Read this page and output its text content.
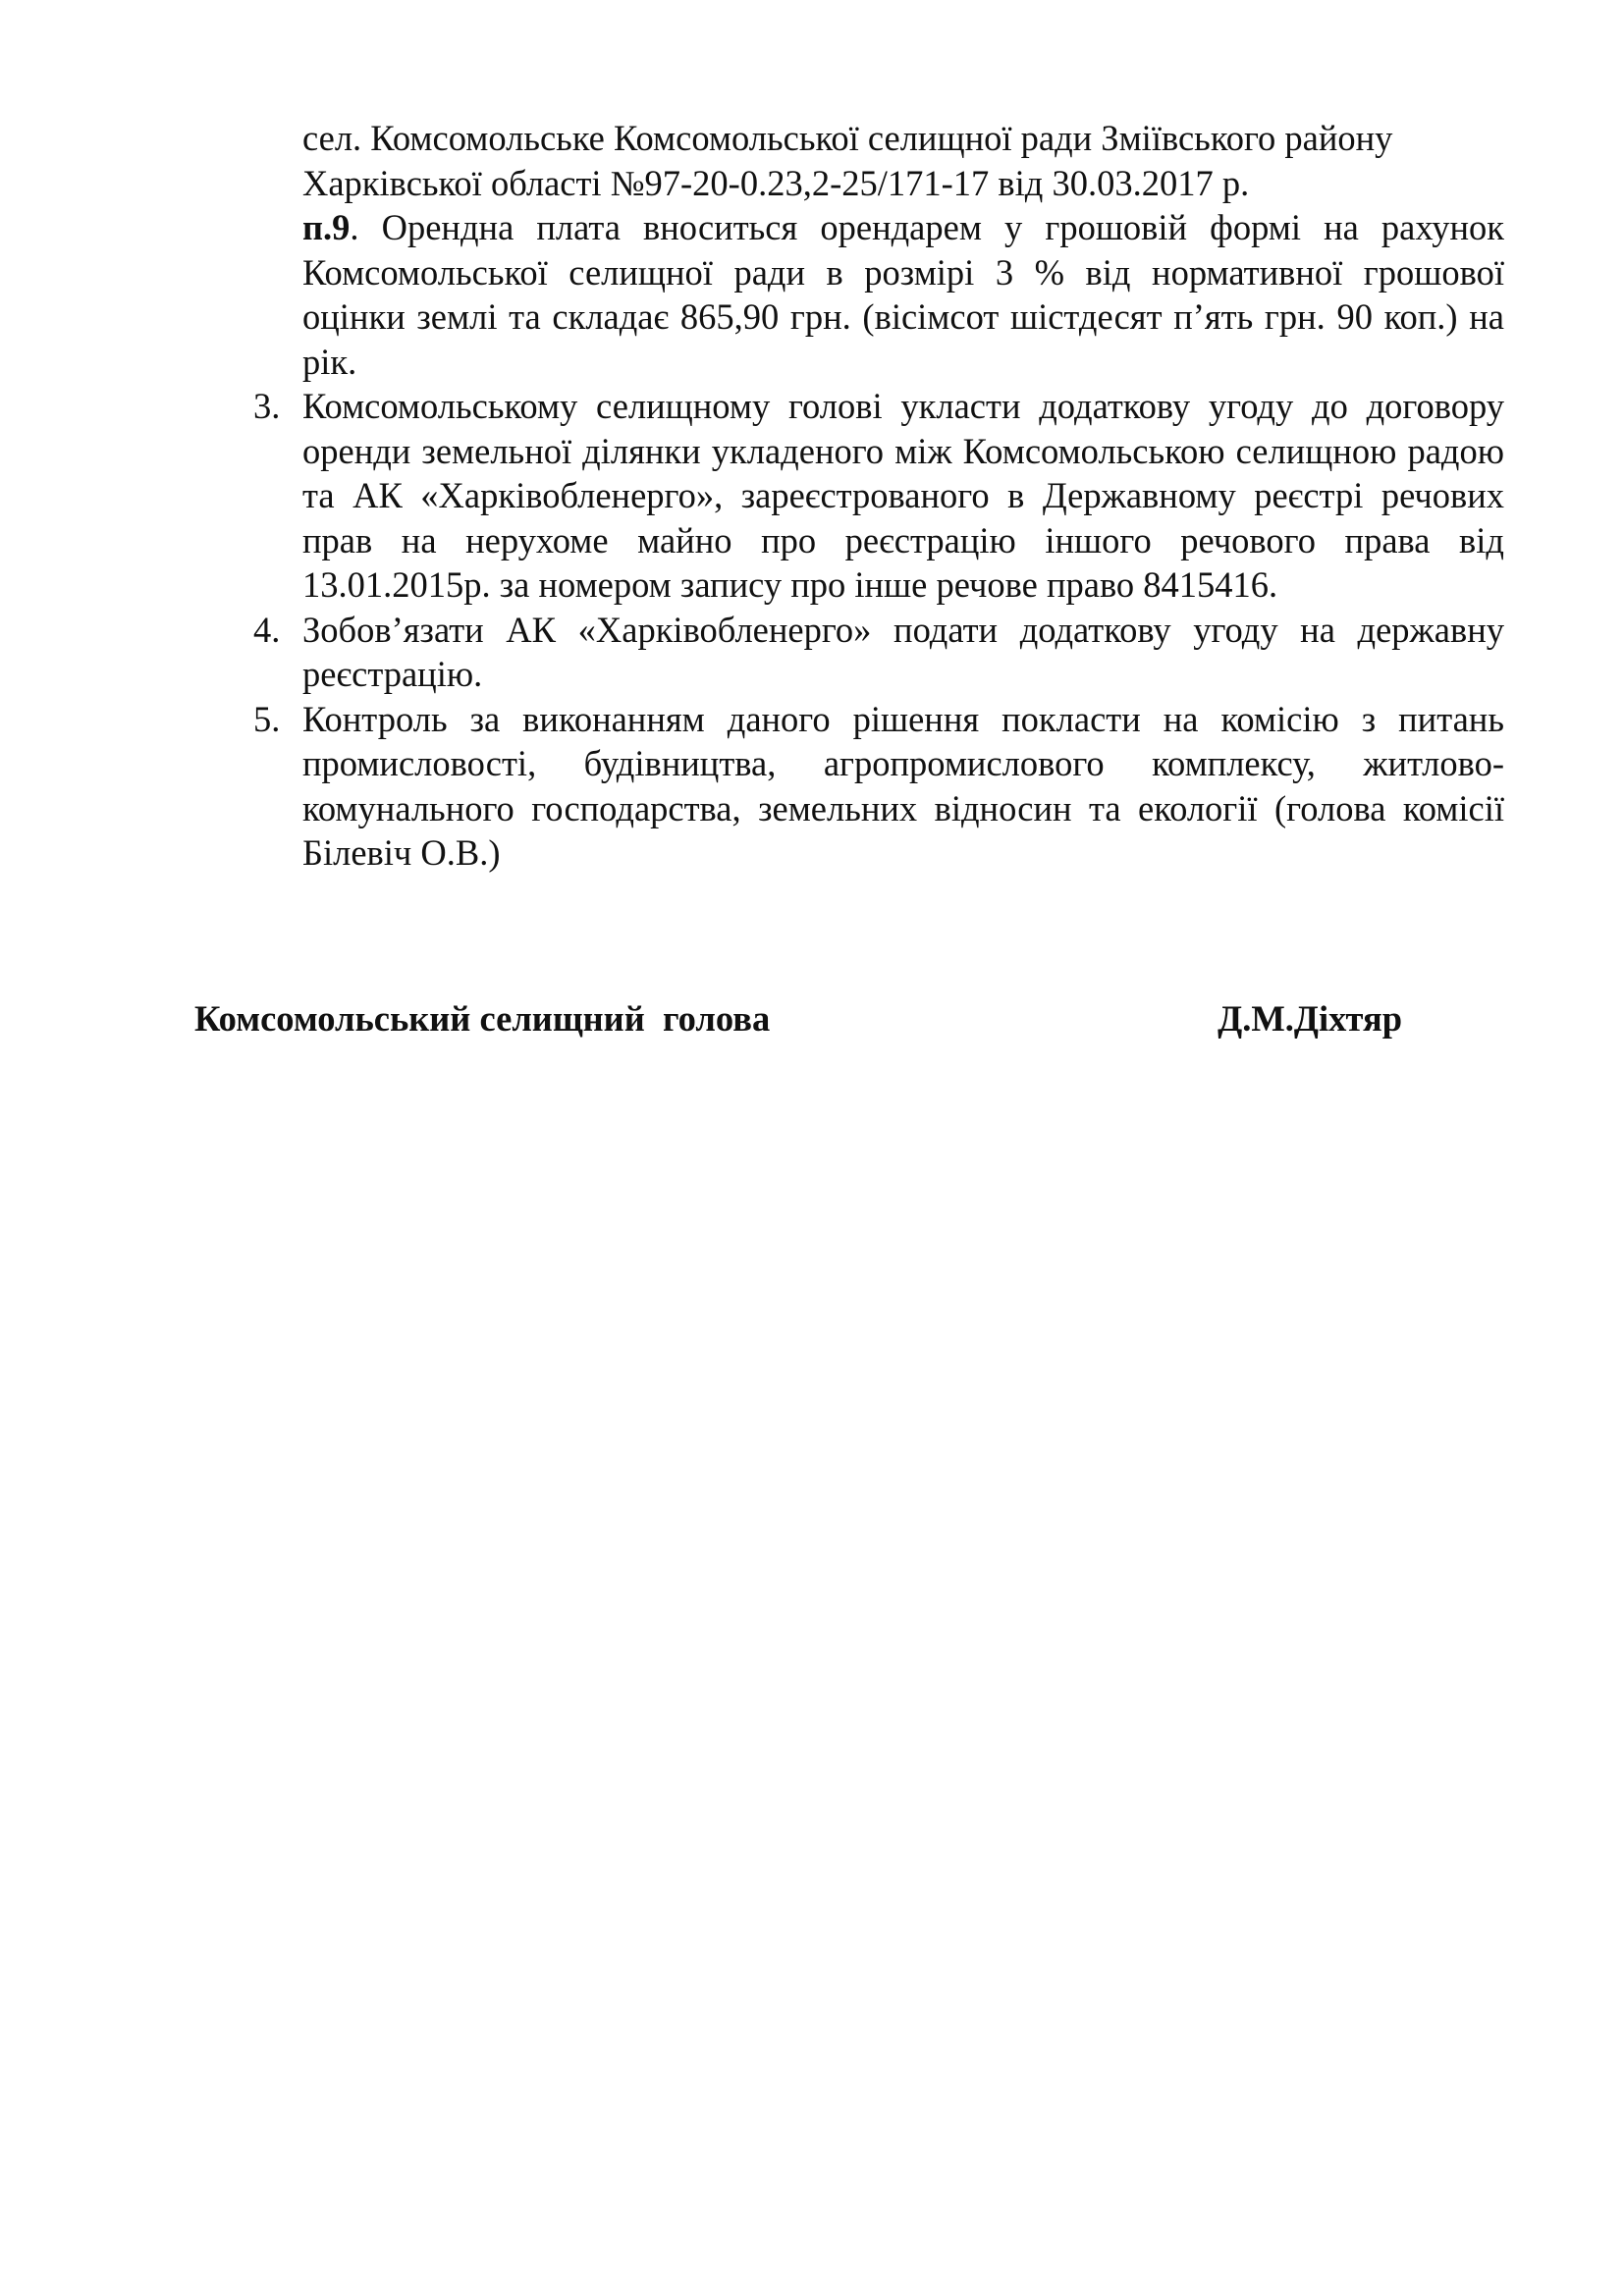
сел. Комсомольське Комсомольської селищної ради Зміївського району Харківської області №97-20-0.23,2-25/171-17 від 30.03.2017 р.

п.9. Орендна плата вноситься орендарем у грошовій формі на рахунок Комсомольської селищної ради в розмірі 3 % від нормативної грошової оцінки землі та складає 865,90 грн. (вісімсот шістдесят п’ять грн. 90 коп.) на рік.

3. Комсомольському селищному голові укласти додаткову угоду до договору оренди земельної ділянки укладеного між Комсомольською селищною радою та АК «Харківобленерго», зареєстрованого в Державному реєстрі речових прав на нерухоме майно про реєстрацію іншого речового права від 13.01.2015р. за номером запису про інше речове право 8415416.
4. Зобов’язати АК «Харківобленерго» подати додаткову угоду на державну реєстрацію.
5. Контроль за виконанням даного рішення покласти на комісію з питань промисловості, будівництва, агропромислового комплексу, житлово-комунального господарства, земельних відносин та екології (голова комісії Білевіч О.В.)
Комсомольський селищний  голова	Д.М.Діхтяр
